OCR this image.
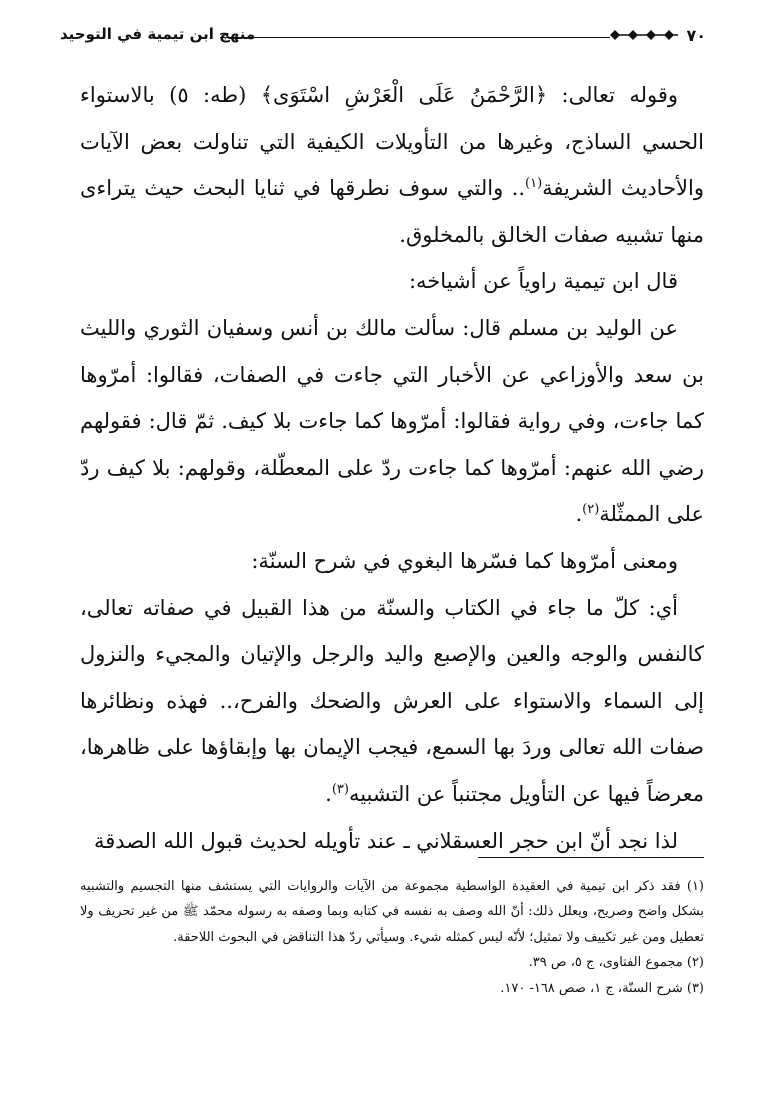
٧٠
منهج ابن تيمية في التوحيد

وقوله تعالى: ﴿الرَّحْمَنُ عَلَى الْعَرْشِ اسْتَوَى﴾ (طه: ٥) بالاستواء الحسي الساذج، وغيرها من التأويلات الكيفية التي تناولت بعض الآيات والأحاديث الشريفة$^{(١)}$.. والتي سوف نطرقها في ثنايا البحث حيث يتراءى منها تشبيه صفات الخالق بالمخلوق.

قال ابن تيمية راوياً عن أشياخه:

عن الوليد بن مسلم قال: سألت مالك بن أنس وسفيان الثوري والليث بن سعد والأوزاعي عن الأخبار التي جاءت في الصفات، فقالوا: أمرّوها كما جاءت، وفي رواية فقالوا: أمرّوها كما جاءت بلا كيف. ثمّ قال: فقولهم رضي الله عنهم: أمرّوها كما جاءت ردّ على المعطّلة، وقولهم: بلا كيف ردّ على الممثّلة$^{(٢)}$.

ومعنى أمرّوها كما فسّرها البغوي في شرح السنّة:

أي: كلّ ما جاء في الكتاب والسنّة من هذا القبيل في صفاته تعالى، كالنفس والوجه والعين والإصبع واليد والرجل والإتيان والمجيء والنزول إلى السماء والاستواء على العرش والضحك والفرح،.. فهذه ونظائرها صفات الله تعالى وردَ بها السمع، فيجب الإيمان بها وإبقاؤها على ظاهرها، معرضاً فيها عن التأويل مجتنباً عن التشبيه$^{(٣)}$.

لذا نجد أنّ ابن حجر العسقلاني ـ عند تأويله لحديث قبول الله الصدقة

(١) فقد ذكر ابن تيمية في العقيدة الواسطية مجموعة من الآيات والروايات التي يستشف منها التجسيم والتشبيه بشكل واضح وصريح، ويعلل ذلك: أنّ الله وصف به نفسه في كتابه وبما وصفه به رسوله محمّد ﷺ من غير تحريف ولا تعطيل ومن غير تكييف ولا تمثيل؛ لأنّه ليس كمثله شيء. وسيأتي ردّ هذا التناقض في البحوث اللاحقة.

(٢) مجموع الفتاوى، ج ٥، ص ٣٩.

(٣) شرح السنّة، ج ١، صص ١٦٨- ١٧٠.
